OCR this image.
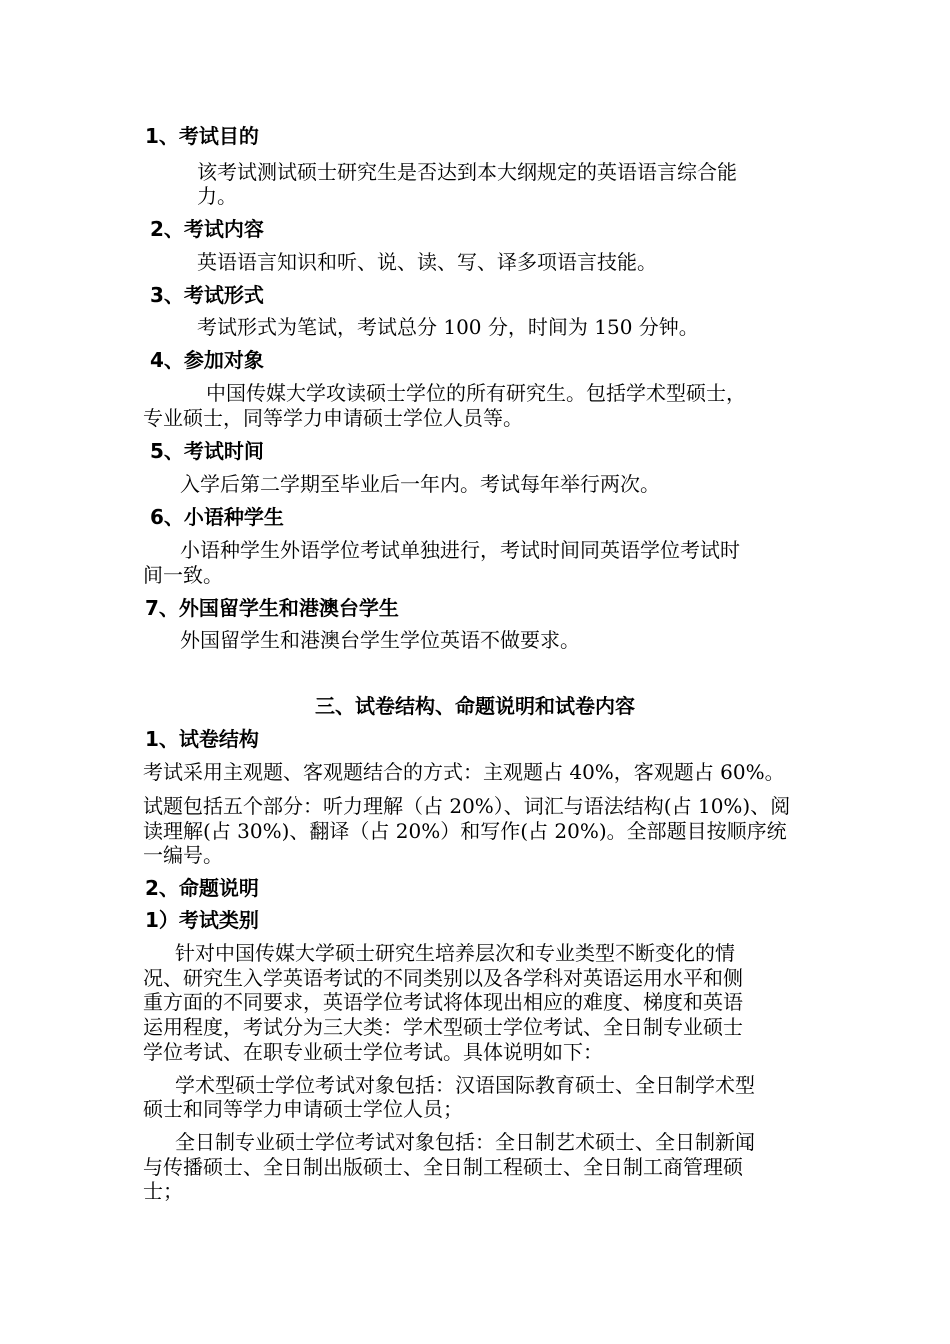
1、考试目的

该考试测试硕士研究生是否达到本大纲规定的英语语言综合能

力。

2、考试内容

英语语言知识和听、说、读、写、译多项语言技能。

3、考试形式

考试形式为笔试，考试总分 100 分，时间为 150 分钟。

4、参加对象

中国传媒大学攻读硕士学位的所有研究生。包括学术型硕士，

专业硕士，同等学力申请硕士学位人员等。

5、考试时间

入学后第二学期至毕业后一年内。考试每年举行两次。

6、小语种学生

小语种学生外语学位考试单独进行，考试时间同英语学位考试时

间一致。

7、外国留学生和港澳台学生

外国留学生和港澳台学生学位英语不做要求。

三、试卷结构、命题说明和试卷内容

1、试卷结构

考试采用主观题、客观题结合的方式：主观题占 40%，客观题占 60%。

试题包括五个部分：听力理解（占 20%）、词汇与语法结构(占 10%)、阅

读理解(占 30%)、翻译（占 20%）和写作(占 20%)。全部题目按顺序统

一编号。

2、命题说明

1）考试类别

针对中国传媒大学硕士研究生培养层次和专业类型不断变化的情

况、研究生入学英语考试的不同类别以及各学科对英语运用水平和侧

重方面的不同要求，英语学位考试将体现出相应的难度、梯度和英语

运用程度，考试分为三大类：学术型硕士学位考试、全日制专业硕士

学位考试、在职专业硕士学位考试。具体说明如下：

学术型硕士学位考试对象包括：汉语国际教育硕士、全日制学术型

硕士和同等学力申请硕士学位人员；

全日制专业硕士学位考试对象包括：全日制艺术硕士、全日制新闻

与传播硕士、全日制出版硕士、全日制工程硕士、全日制工商管理硕

士；
